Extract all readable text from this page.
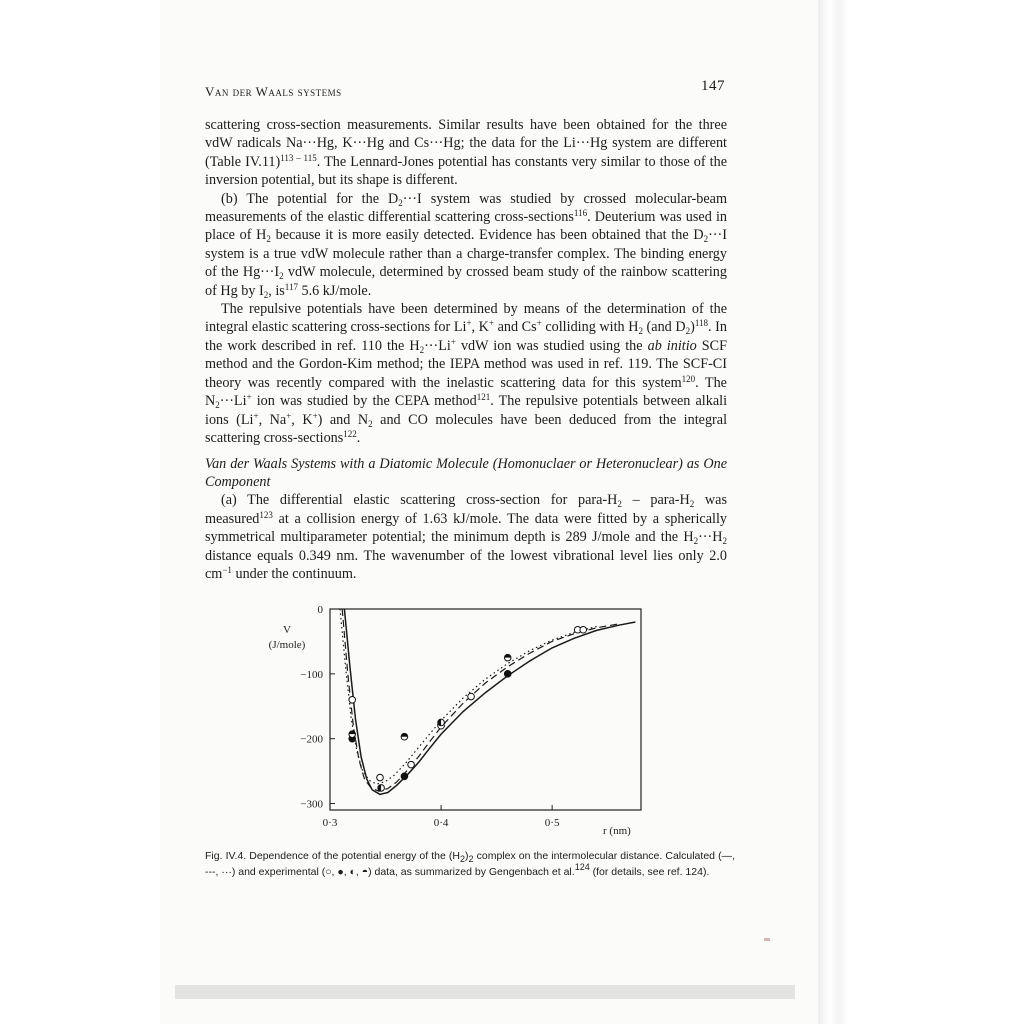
Van der Waals systems	147

scattering cross-section measurements. Similar results have been obtained for the three vdW radicals Na···Hg, K···Hg and Cs···Hg; the data for the Li···Hg system are different (Table IV.11)$^{113 - 115}$. The Lennard-Jones potential has constants very similar to those of the inversion potential, but its shape is different.

(b) The potential for the $D_2\cdot\cdot\cdot I$ system was studied by crossed molecular-beam measurements of the elastic differential scattering cross-sections$^{116}$. Deuterium was used in place of $H_2$ because it is more easily detected. Evidence has been obtained that the $D_2\cdot\cdot\cdot I$ system is a true vdW molecule rather than a charge-transfer complex. The binding energy of the $Hg\cdot\cdot\cdot I_2$ vdW molecule, determined by crossed beam study of the rainbow scattering of Hg by $I_2$, $is^{117}$ 5.6 kJ/mole.

The repulsive potentials have been determined by means of the determination of the integral elastic scattering cross-sections for Li+, K+ and Cs+ colliding with $H_2$ (and $D_2)^{118}$. In the work described in ref. 110 the $H_2\cdot\cdot\cdot Li^+$ vdW ion was studied using the ab initio SCF method and the Gordon-Kim method; the IEPA method was used in ref. 119. The SCF-CI theory was recently compared with the inelastic scattering data for this system$^{120}$. The $N_2\cdot\cdot\cdot Li^+$ ion was studied by the CEPA method$^{121}$. The repulsive potentials between alkali ions (Li+, Na+, K+) and $N_2$ and CO molecules have been deduced from the integral scattering cross-sections$^{122}$.

Van der Waals Systems with a Diatomic Molecule (Homonuclaer or Heteronuclear) as One Component

(a) The differential elastic scattering cross-section for para-$H_2$ – para-$H_2$ was measured$^{123}$ at a collision energy of 1.63 kJ/mole. The data were fitted by a spherically symmetrical multiparameter potential; the minimum depth is 289 J/mole and the $H_2\cdot\cdot\cdot H_2$ distance equals 0.349 nm. The wavenumber of the lowest vibrational level lies only 2.0 $cm^{-1}$ under the continuum.

V
(J/mole)
r (nm)
0
−100
−200
−300
0·3	0·4	0·5
Fig. IV.4. Dependence of the potential energy of the $(H_2)_2$ complex on the intermolecular distance. Calculated (—, ---, ···) and experimental (○, ●, ◐, ◓) data, as summarized by Gengenbach et al.$^{124}$ (for details, see ref. 124).
